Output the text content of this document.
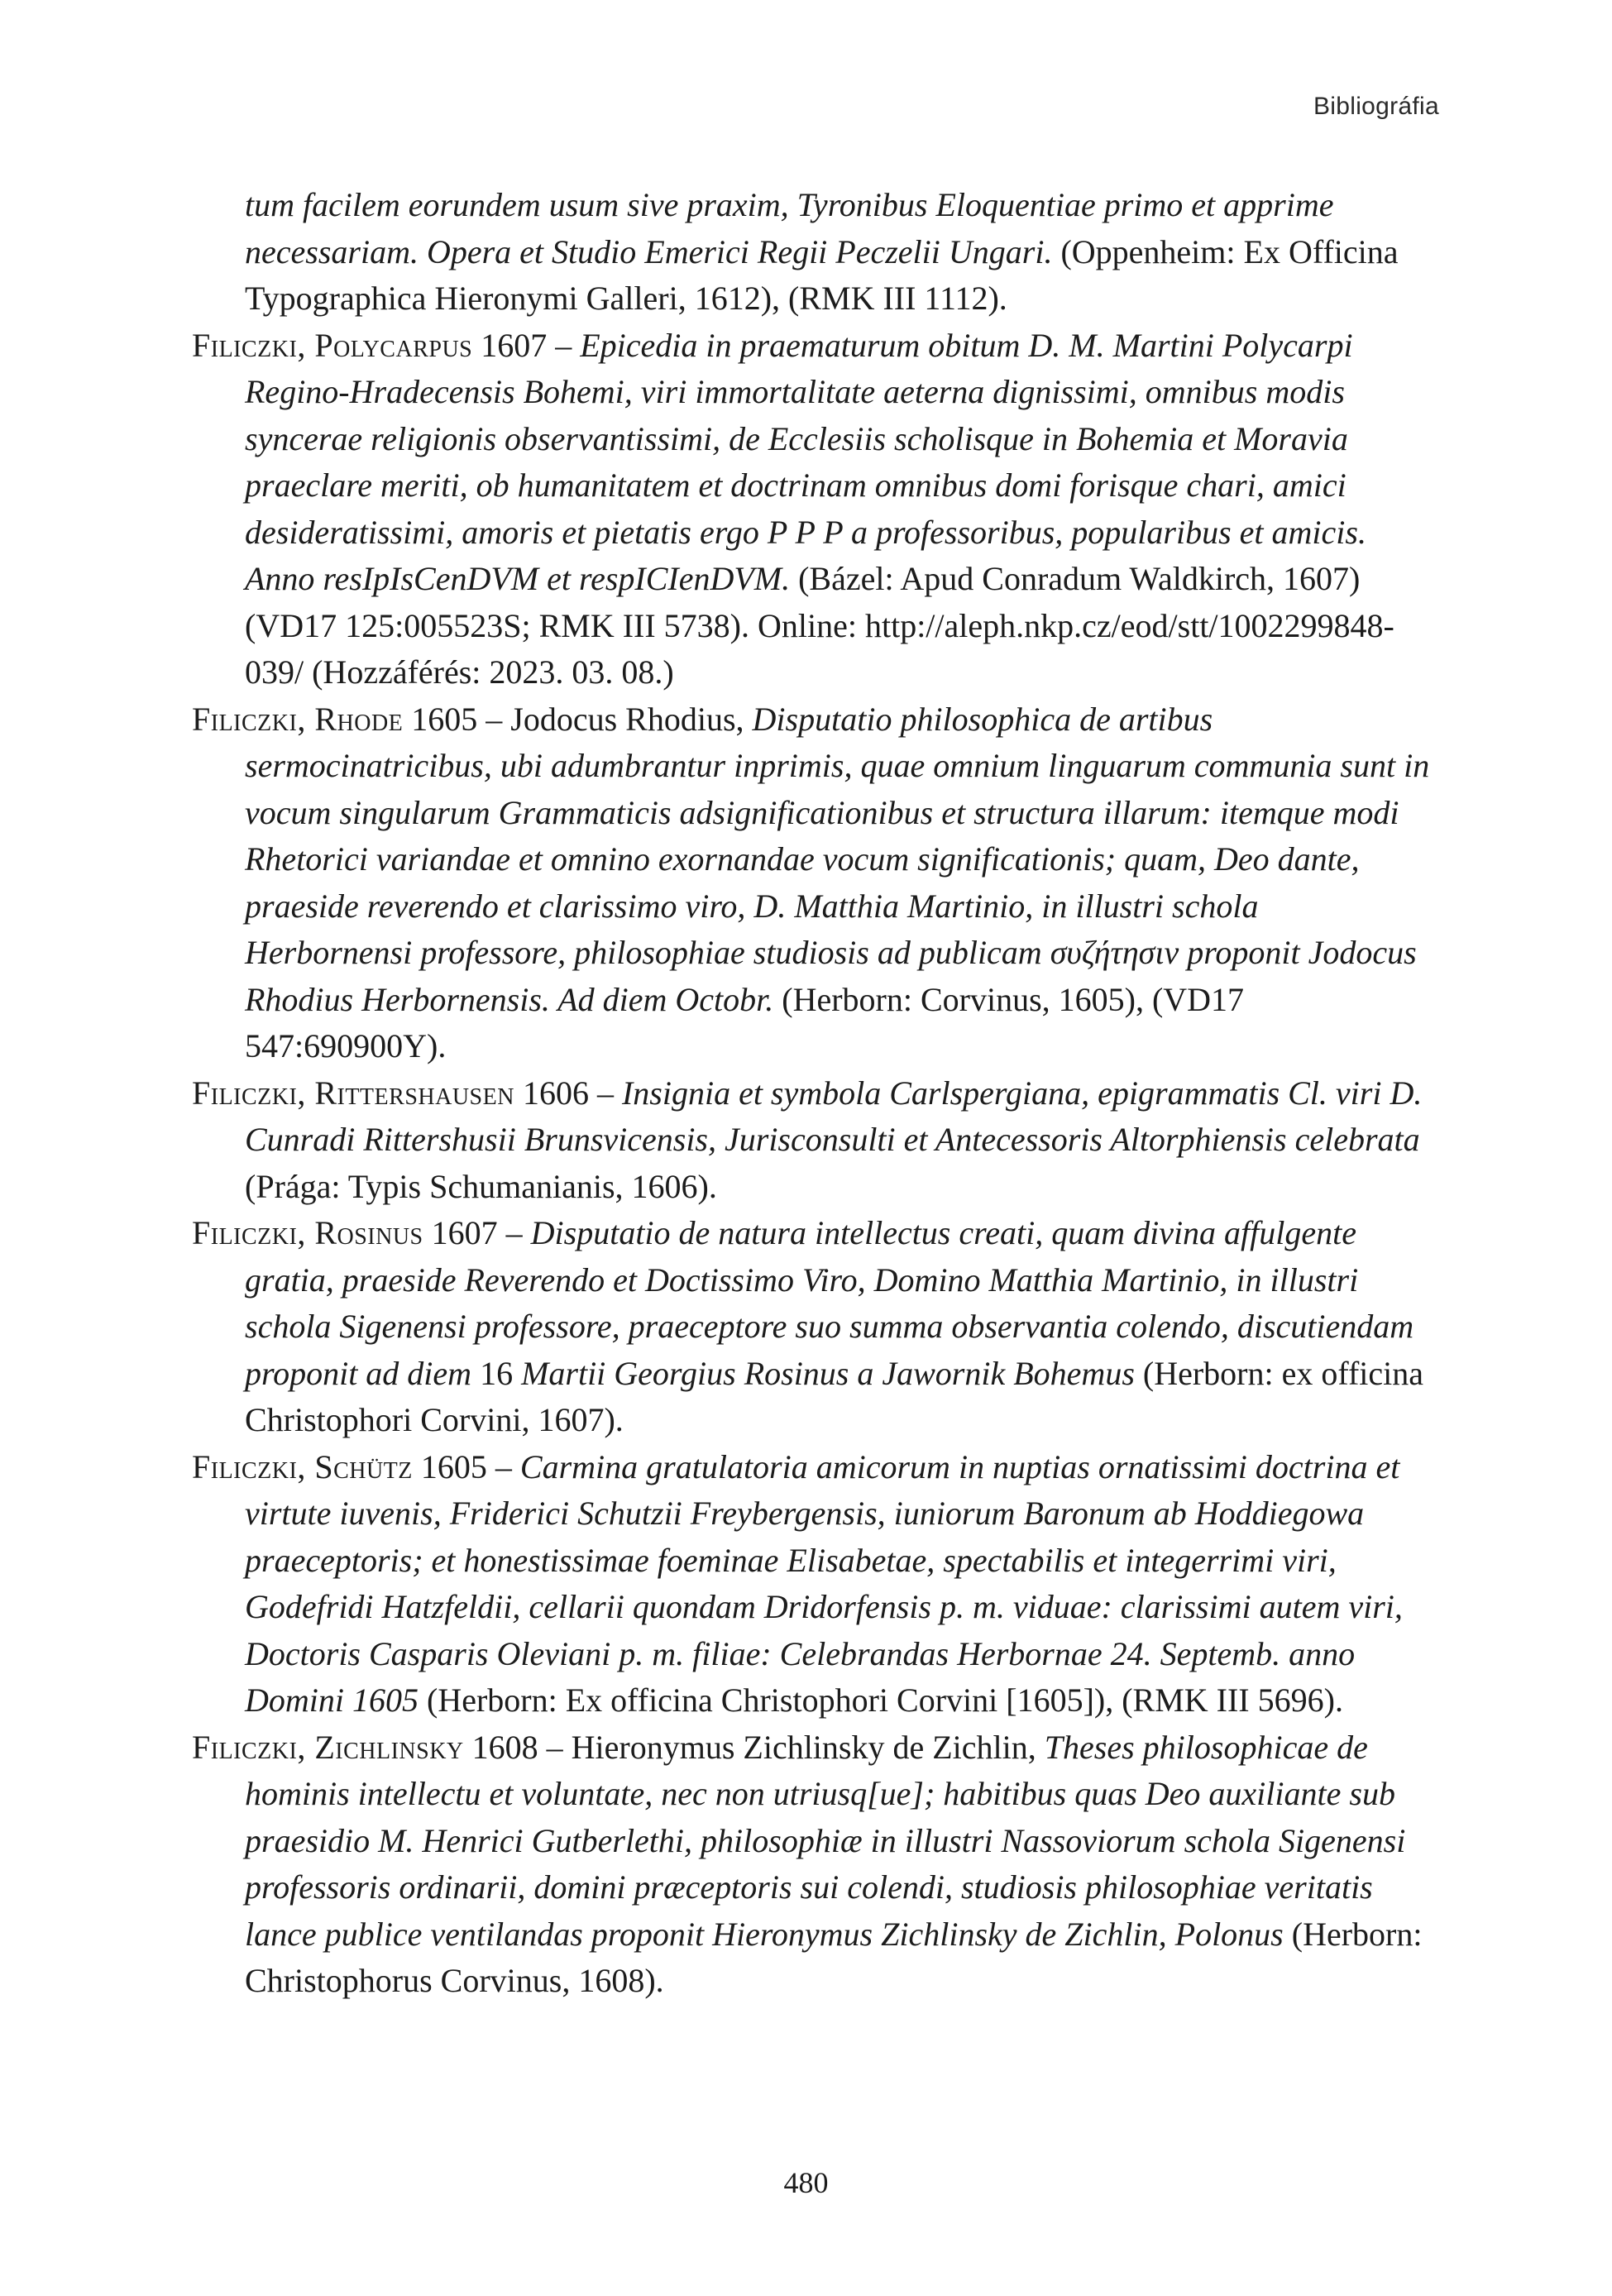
Bibliográfia

tum facilem eorundem usum sive praxim, Tyronibus Eloquentiae primo et apprime necessariam. Opera et Studio Emerici Regii Peczelii Ungari. (Oppenheim: Ex Officina Typographica Hieronymi Galleri, 1612), (RMK III 1112).

Filiczki, Polycarpus 1607 – Epicedia in praematurum obitum D. M. Martini Polycarpi Regino-Hradecensis Bohemi, viri immortalitate aeterna dignissimi, omnibus modis syncerae religionis observantissimi, de Ecclesiis scholisque in Bohemia et Moravia praeclare meriti, ob humanitatem et doctrinam omnibus domi forisque chari, amici desideratissimi, amoris et pietatis ergo P P P a professoribus, popularibus et amicis. Anno resIpIsCenDVM et respICIenDVM. (Bázel: Apud Conradum Waldkirch, 1607) (VD17 125:005523S; RMK III 5738). Online: http://aleph.nkp.cz/eod/stt/1002299848-039/ (Hozzáférés: 2023. 03. 08.)

Filiczki, Rhode 1605 – Jodocus Rhodius, Disputatio philosophica de artibus sermocinatricibus, ubi adumbrantur inprimis, quae omnium linguarum communia sunt in vocum singularum Grammaticis adsignificationibus et structura illarum: itemque modi Rhetorici variandae et omnino exornandae vocum significationis; quam, Deo dante, praeside reverendo et clarissimo viro, D. Matthia Martinio, in illustri schola Herbornensi professore, philosophiae studiosis ad publicam συζήτησιν proponit Jodocus Rhodius Herbornensis. Ad diem Octobr. (Herborn: Corvinus, 1605), (VD17 547:690900Y).

Filiczki, Rittershausen 1606 – Insignia et symbola Carlspergiana, epigrammatis Cl. viri D. Cunradi Rittershusii Brunsvicensis, Jurisconsulti et Antecessoris Altorphiensis celebrata (Prága: Typis Schumanianis, 1606).

Filiczki, Rosinus 1607 – Disputatio de natura intellectus creati, quam divina affulgente gratia, praeside Reverendo et Doctissimo Viro, Domino Matthia Martinio, in illustri schola Sigenensi professore, praeceptore suo summa observantia colendo, discutiendam proponit ad diem 16 Martii Georgius Rosinus a Jawornik Bohemus (Herborn: ex officina Christophori Corvini, 1607).

Filiczki, Schütz 1605 – Carmina gratulatoria amicorum in nuptias ornatissimi doctrina et virtute iuvenis, Friderici Schutzii Freybergensis, iuniorum Baronum ab Hoddiegowa praeceptoris; et honestissimae foeminae Elisabetae, spectabilis et integerrimi viri, Godefridi Hatzfeldii, cellarii quondam Dridorfensis p. m. viduae: clarissimi autem viri, Doctoris Casparis Oleviani p. m. filiae: Celebrandas Herbornae 24. Septemb. anno Domini 1605 (Herborn: Ex officina Christophori Corvini [1605]), (RMK III 5696).

Filiczki, Zichlinsky 1608 – Hieronymus Zichlinsky de Zichlin, Theses philosophicae de hominis intellectu et voluntate, nec non utriusq[ue]; habitibus quas Deo auxiliante sub praesidio M. Henrici Gutberlethi, philosophiæ in illustri Nassoviorum schola Sigenensi professoris ordinarii, domini præceptoris sui colendi, studiosis philosophiae veritatis lance publice ventilandas proponit Hieronymus Zichlinsky de Zichlin, Polonus (Herborn: Christophorus Corvinus, 1608).

480
